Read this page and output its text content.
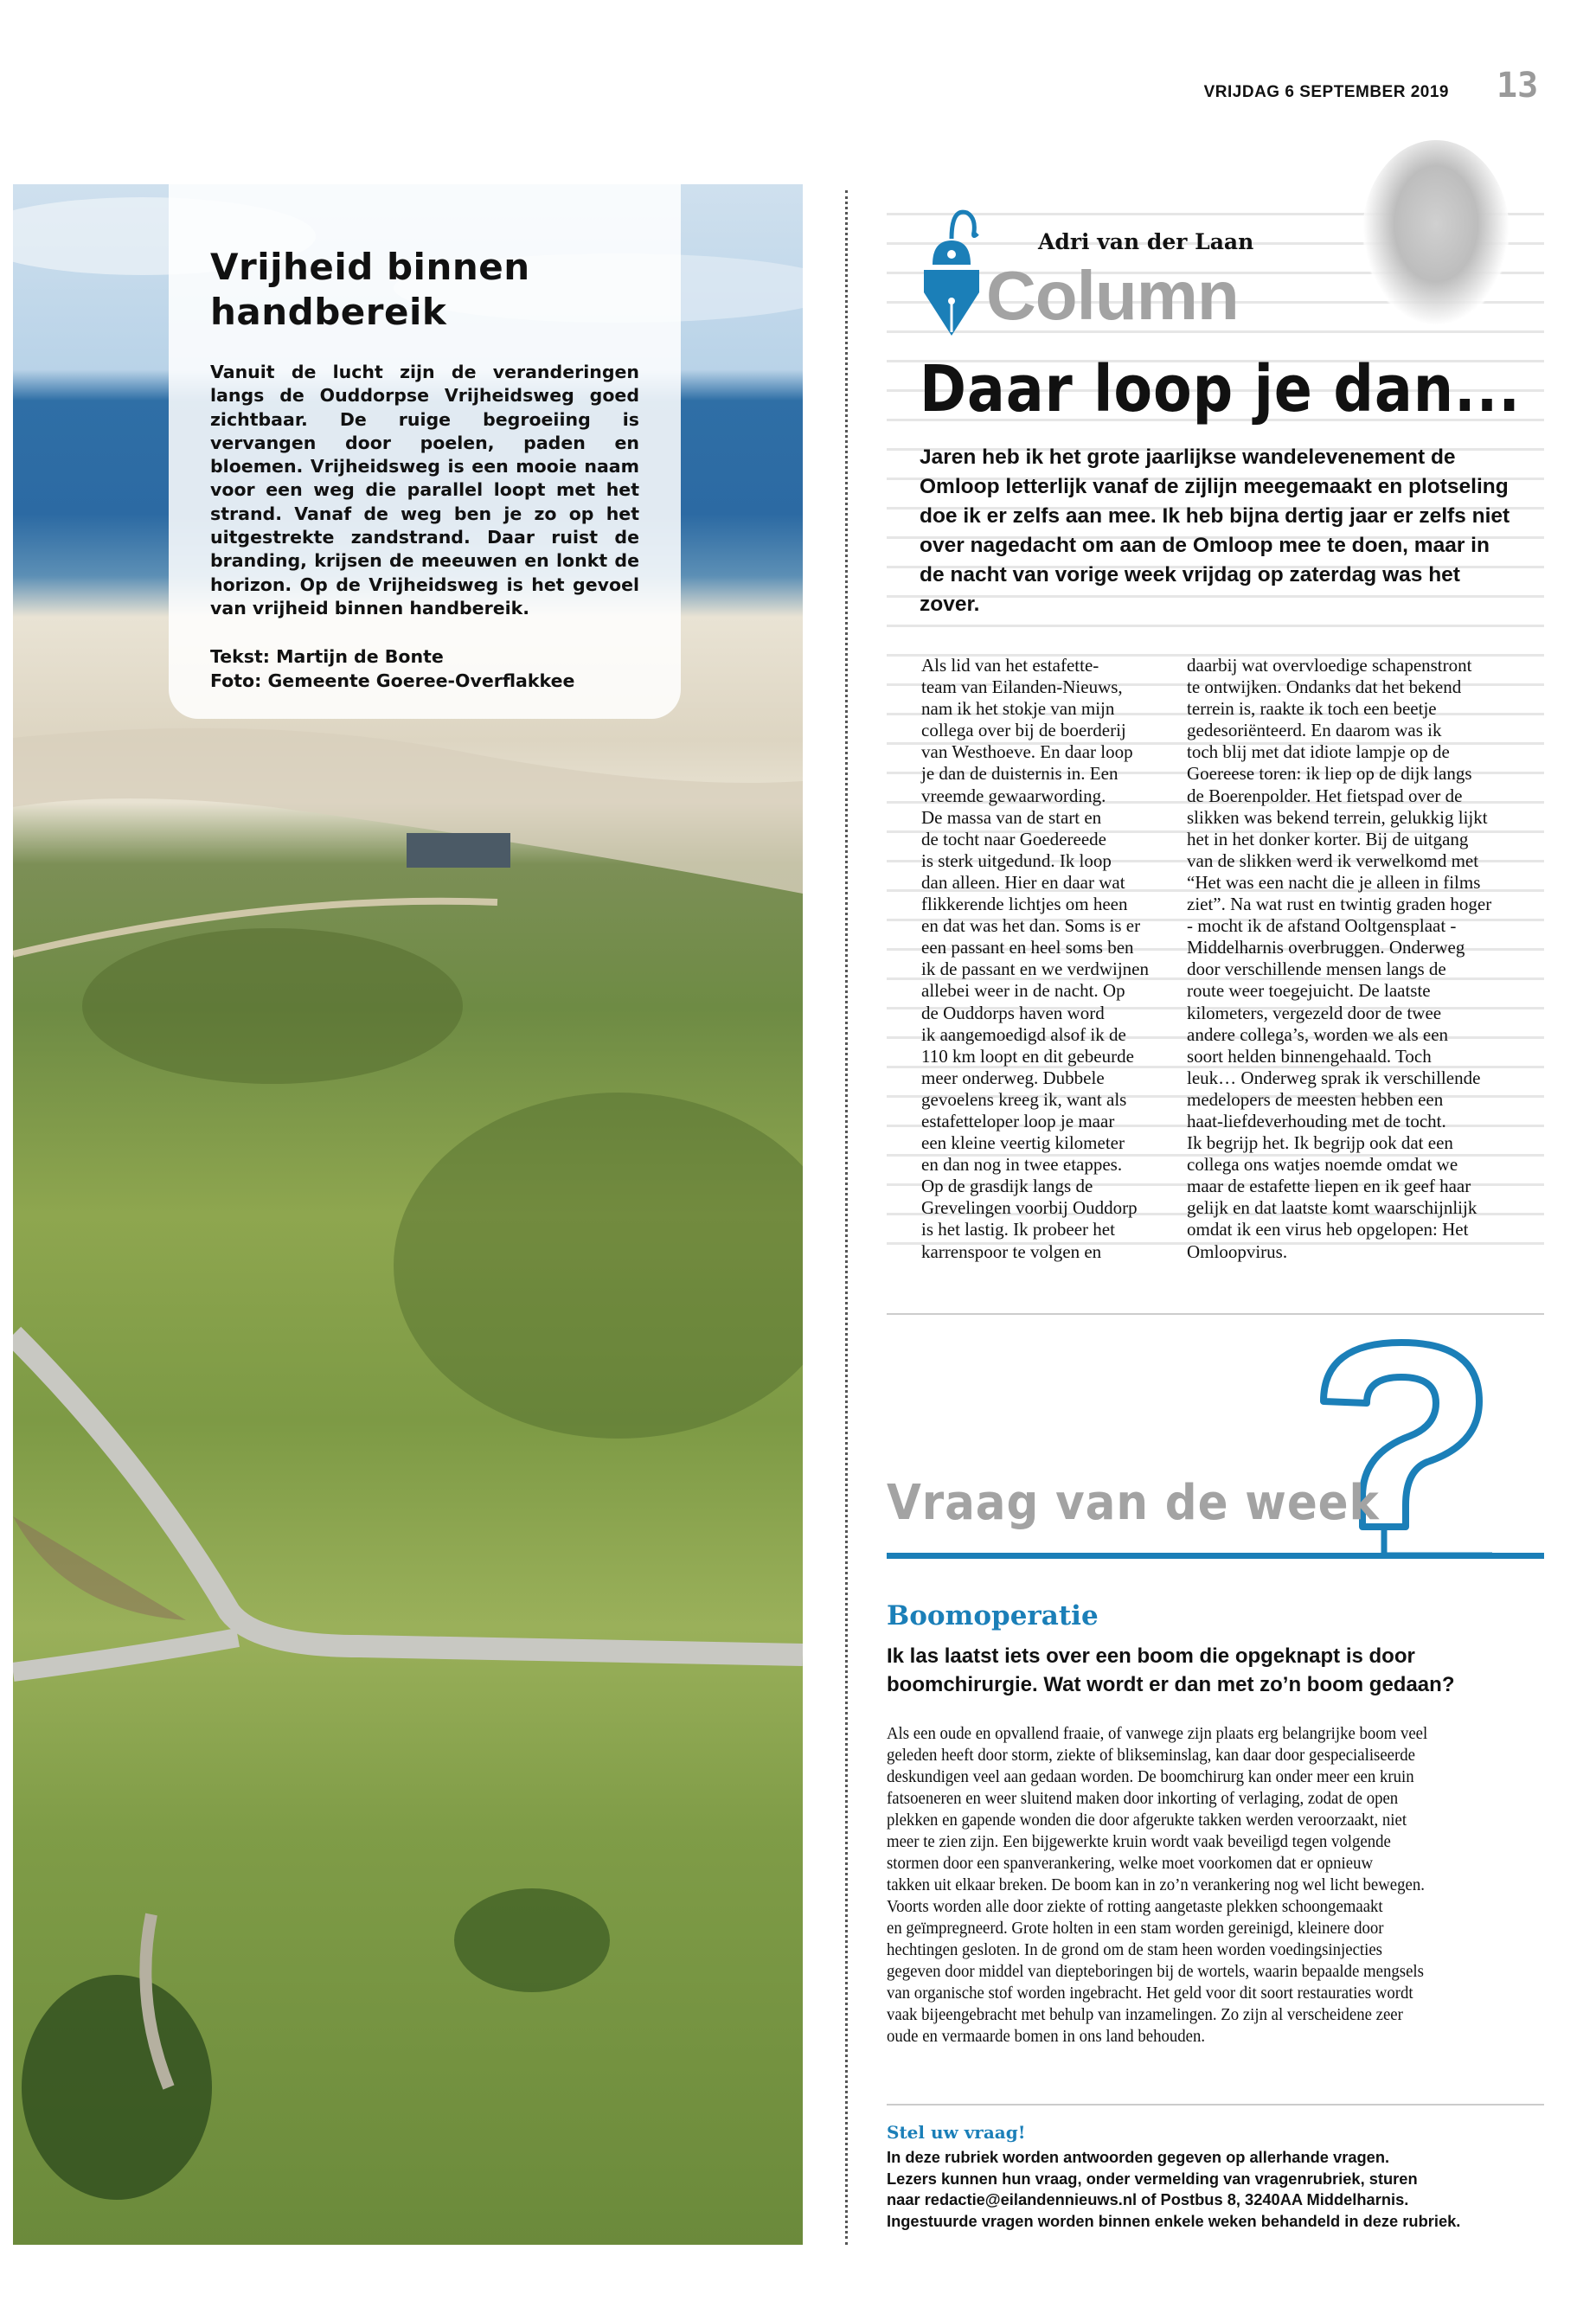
VRIJDAG 6 SEPTEMBER 2019 13
Vrijheid binnen handbereik
Vanuit de lucht zijn de veranderingen langs de Ouddorpse Vrijheidsweg goed zichtbaar. De ruige begroeiing is vervangen door poelen, paden en bloemen. Vrijheidsweg is een mooie naam voor een weg die parallel loopt met het strand. Vanaf de weg ben je zo op het uitgestrekte zandstrand. Daar ruist de branding, krijsen de meeuwen en lonkt de horizon. Op de Vrijheidsweg is het gevoel van vrijheid binnen handbereik.
Tekst: Martijn de Bonte
Foto: Gemeente Goeree-Overflakkee
Adri van der Laan
Column
Daar loop je dan...
Jaren heb ik het grote jaarlijkse wandelevenement de Omloop letterlijk vanaf de zijlijn meegemaakt en plotseling doe ik er zelfs aan mee. Ik heb bijna dertig jaar er zelfs niet over nagedacht om aan de Omloop mee te doen, maar in de nacht van vorige week vrijdag op zaterdag was het zover.
Als lid van het estafette-
team van Eilanden-Nieuws,
nam ik het stokje van mijn
collega over bij de boerderij
van Westhoeve. En daar loop
je dan de duisternis in. Een
vreemde gewaarwording.
De massa van de start en
de tocht naar Goedereede
is sterk uitgedund. Ik loop
dan alleen. Hier en daar wat
flikkerende lichtjes om heen
en dat was het dan. Soms is er
een passant en heel soms ben
ik de passant en we verdwijnen
allebei weer in de nacht. Op
de Ouddorps haven word
ik aangemoedigd alsof ik de
110 km loopt en dit gebeurde
meer onderweg. Dubbele
gevoelens kreeg ik, want als
estafetteloper loop je maar
een kleine veertig kilometer
en dan nog in twee etappes.
Op de grasdijk langs de
Grevelingen voorbij Ouddorp
is het lastig. Ik probeer het
karrenspoor te volgen en
daarbij wat overvloedige schapenstront
te ontwijken. Ondanks dat het bekend
terrein is, raakte ik toch een beetje
gedesoriënteerd. En daarom was ik
toch blij met dat idiote lampje op de
Goereese toren: ik liep op de dijk langs
de Boerenpolder. Het fietspad over de
slikken was bekend terrein, gelukkig lijkt
het in het donker korter. Bij de uitgang
van de slikken werd ik verwelkomd met
“Het was een nacht die je alleen in films
ziet”. Na wat rust en twintig graden hoger
- mocht ik de afstand Ooltgensplaat -
Middelharnis overbruggen. Onderweg
door verschillende mensen langs de
route weer toegejuicht. De laatste
kilometers, vergezeld door de twee
andere collega’s, worden we als een
soort helden binnengehaald. Toch
leuk… Onderweg sprak ik verschillende
medelopers de meesten hebben een
haat-liefdeverhouding met de tocht.
Ik begrijp het. Ik begrijp ook dat een
collega ons watjes noemde omdat we
maar de estafette liepen en ik geef haar
gelijk en dat laatste komt waarschijnlijk
omdat ik een virus heb opgelopen: Het
Omloopvirus.
Vraag van de week
Boomoperatie
Ik las laatst iets over een boom die opgeknapt is door boomchirurgie. Wat wordt er dan met zo’n boom gedaan?
Als een oude en opvallend fraaie, of vanwege zijn plaats erg belangrijke boom veel
geleden heeft door storm, ziekte of blikseminslag, kan daar door gespecialiseerde
deskundigen veel aan gedaan worden. De boomchirurg kan onder meer een kruin
fatsoeneren en weer sluitend maken door inkorting of verlaging, zodat de open
plekken en gapende wonden die door afgerukte takken werden veroorzaakt, niet
meer te zien zijn. Een bijgewerkte kruin wordt vaak beveiligd tegen volgende
stormen door een spanverankering, welke moet voorkomen dat er opnieuw
takken uit elkaar breken. De boom kan in zo’n verankering nog wel licht bewegen.
Voorts worden alle door ziekte of rotting aangetaste plekken schoongemaakt
en geïmpregneerd. Grote holten in een stam worden gereinigd, kleinere door
hechtingen gesloten. In de grond om de stam heen worden voedingsinjecties
gegeven door middel van diepteboringen bij de wortels, waarin bepaalde mengsels
van organische stof worden ingebracht. Het geld voor dit soort restauraties wordt
vaak bijeengebracht met behulp van inzamelingen. Zo zijn al verscheidene zeer
oude en vermaarde bomen in ons land behouden.
Stel uw vraag!
In deze rubriek worden antwoorden gegeven op allerhande vragen.
Lezers kunnen hun vraag, onder vermelding van vragenrubriek, sturen
naar redactie@eilandennieuws.nl of Postbus 8, 3240AA Middelharnis.
Ingestuurde vragen worden binnen enkele weken behandeld in deze rubriek.
